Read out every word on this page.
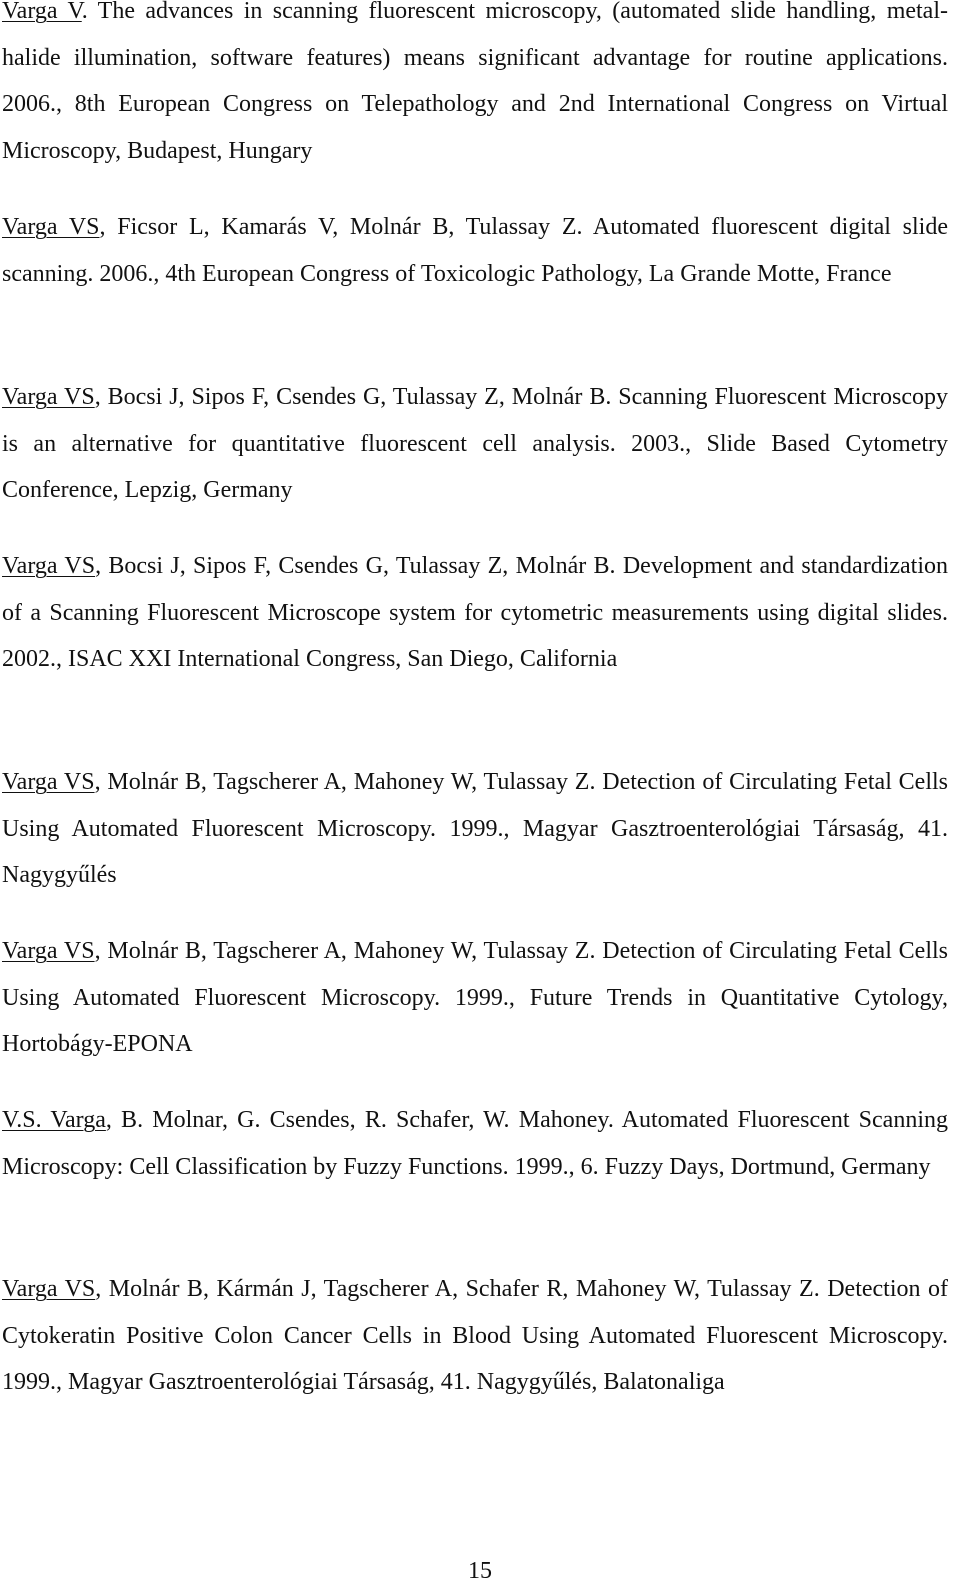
Varga V. The advances in scanning fluorescent microscopy, (automated slide handling, metal-halide illumination, software features) means significant advantage for routine applications. 2006., 8th European Congress on Telepathology and 2nd International Congress on Virtual Microscopy, Budapest, Hungary

Varga VS, Ficsor L, Kamarás V, Molnár B, Tulassay Z. Automated fluorescent digital slide scanning. 2006., 4th European Congress of Toxicologic Pathology, La Grande Motte, France

Varga VS, Bocsi J, Sipos F, Csendes G, Tulassay Z, Molnár B. Scanning Fluorescent Microscopy is an alternative for quantitative fluorescent cell analysis. 2003., Slide Based Cytometry Conference, Lepzig, Germany

Varga VS, Bocsi J, Sipos F, Csendes G, Tulassay Z, Molnár B. Development and standardization of a Scanning Fluorescent Microscope system for cytometric measurements using digital slides. 2002., ISAC XXI International Congress, San Diego, California

Varga VS, Molnár B, Tagscherer A, Mahoney W, Tulassay Z. Detection of Circulating Fetal Cells Using Automated Fluorescent Microscopy. 1999., Magyar Gasztroenterológiai Társaság, 41. Nagygyűlés

Varga VS, Molnár B, Tagscherer A, Mahoney W, Tulassay Z. Detection of Circulating Fetal Cells Using Automated Fluorescent Microscopy. 1999., Future Trends in Quantitative Cytology, Hortobágy-EPONA

V.S. Varga, B. Molnar, G. Csendes, R. Schafer, W. Mahoney. Automated Fluorescent Scanning Microscopy: Cell Classification by Fuzzy Functions. 1999., 6. Fuzzy Days, Dortmund, Germany

Varga VS, Molnár B, Kármán J, Tagscherer A, Schafer R, Mahoney W, Tulassay Z. Detection of Cytokeratin Positive Colon Cancer Cells in Blood Using Automated Fluorescent Microscopy. 1999., Magyar Gasztroenterológiai Társaság, 41. Nagygyűlés, Balatonaliga

15
